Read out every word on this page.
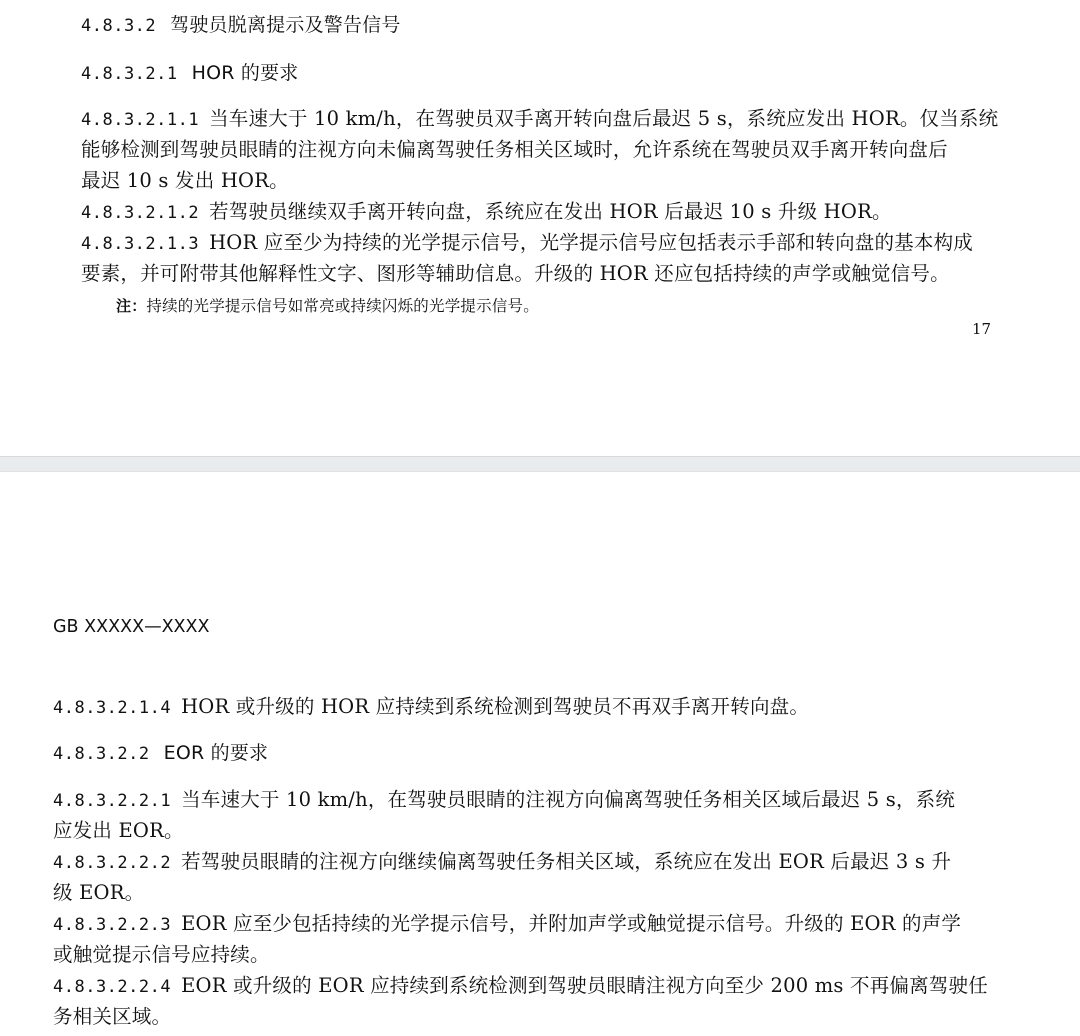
4.8.3.2 驾驶员脱离提示及警告信号
4.8.3.2.1 HOR 的要求
4.8.3.2.1.1 当车速大于 10 km/h，在驾驶员双手离开转向盘后最迟 5 s，系统应发出 HOR。仅当系统
能够检测到驾驶员眼睛的注视方向未偏离驾驶任务相关区域时，允许系统在驾驶员双手离开转向盘后
最迟 10 s 发出 HOR。
4.8.3.2.1.2 若驾驶员继续双手离开转向盘，系统应在发出 HOR 后最迟 10 s 升级 HOR。
4.8.3.2.1.3 HOR 应至少为持续的光学提示信号，光学提示信号应包括表示手部和转向盘的基本构成
要素，并可附带其他解释性文字、图形等辅助信息。升级的 HOR 还应包括持续的声学或触觉信号。
注：持续的光学提示信号如常亮或持续闪烁的光学提示信号。
17
GB XXXXX—XXXX
4.8.3.2.1.4 HOR 或升级的 HOR 应持续到系统检测到驾驶员不再双手离开转向盘。
4.8.3.2.2 EOR 的要求
4.8.3.2.2.1 当车速大于 10 km/h，在驾驶员眼睛的注视方向偏离驾驶任务相关区域后最迟 5 s，系统
应发出 EOR。
4.8.3.2.2.2 若驾驶员眼睛的注视方向继续偏离驾驶任务相关区域，系统应在发出 EOR 后最迟 3 s 升
级 EOR。
4.8.3.2.2.3 EOR 应至少包括持续的光学提示信号，并附加声学或触觉提示信号。升级的 EOR 的声学
或触觉提示信号应持续。
4.8.3.2.2.4 EOR 或升级的 EOR 应持续到系统检测到驾驶员眼睛注视方向至少 200 ms 不再偏离驾驶任
务相关区域。
